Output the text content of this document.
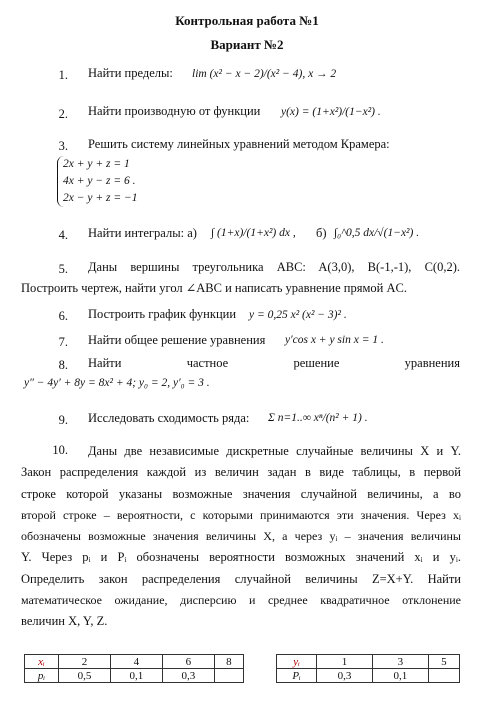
Контрольная работа №1
Вариант №2
1. Найти пределы: lim (x² − x − 2)/(x² − 4), x → 2
2. Найти производную от функции y(x) = (1+x²)/(1−x²) .
3. Решить систему линейных уравнений методом Крамера:
2x + y + z = 1
4x + y − z = 6 .
2x − y + z = −1
4. Найти интегралы: а) ∫ (1+x)/(1+x²) dx , б) ∫₀^0,5 dx/√(1−x²) .
5. Даны вершины треугольника ABC: A(3,0), B(-1,-1), C(0,2).
Построить чертеж, найти угол ∠ABC и написать уравнение прямой AC.
6. Построить график функции y = 0,25 x² (x² − 3)² .
7. Найти общее решение уравнения y′cos x + y sin x = 1 .
8. Найти	частное	решение	уравнения
y″ − 4y′ + 8y = 8x² + 4; y₀ = 2, y′₀ = 3 .
9. Исследовать сходимость ряда: Σ n=1..∞ xⁿ/(n² + 1) .
10.	Даны две независимые дискретные случайные величины X и Y.
Закон распределения каждой из величин задан в виде таблицы, в первой
строке которой указаны возможные значения случайной величины, а во
второй строке – вероятности, с которыми принимаются эти значения. Через xᵢ
обозначены возможные значения величины X, а через yᵢ – значения величины
Y. Через pᵢ и Pᵢ обозначены вероятности возможных значений xᵢ и yᵢ.
Определить закон распределения случайной величины Z=X+Y. Найти
математическое ожидание, дисперсию и среднее квадратичное отклонение
величин X, Y, Z.
xᵢ	2	4	6	8
pᵢ	0,5	0,1	0,3	
yᵢ	1	3	5
Pᵢ	0,3	0,1	
